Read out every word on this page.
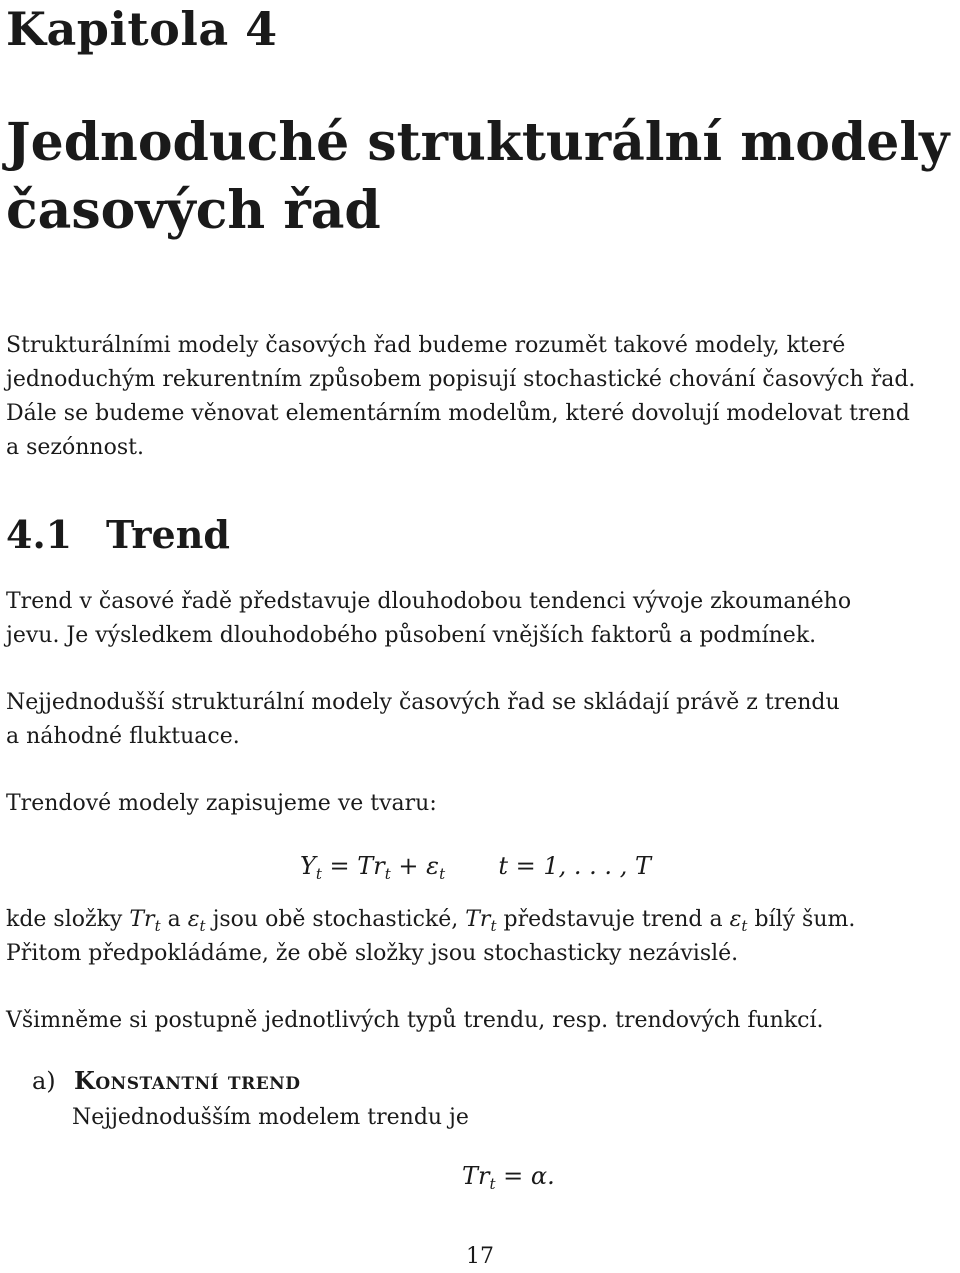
Kapitola 4
Jednoduché strukturální modely
časových řad
Strukturálními modely časových řad budeme rozumět takové modely, které
jednoduchým rekurentním způsobem popisují stochastické chování časových řad.
Dále se budeme věnovat elementárním modelům, které dovolují modelovat trend
a sezónnost.
4.1 Trend
Trend v časové řadě představuje dlouhodobou tendenci vývoje zkoumaného
jevu. Je výsledkem dlouhodobého působení vnějších faktorů a podmínek.
Nejjednodušší strukturální modely časových řad se skládají právě z trendu
a náhodné fluktuace.
Trendové modely zapisujeme ve tvaru:
$Y_t = Tr_t + \varepsilon_t$ t = 1, . . . , T
kde složky $Tr_t$ a $\varepsilon_t$ jsou obě stochastické, $Tr_t$ představuje trend a $\varepsilon_t$ bílý šum.
Přitom předpokládáme, že obě složky jsou stochasticky nezávislé.
Všimněme si postupně jednotlivých typů trendu, resp. trendových funkcí.
a) Konstantní trend
Nejjednodušším modelem trendu je
$Tr_t = \alpha$.
17
